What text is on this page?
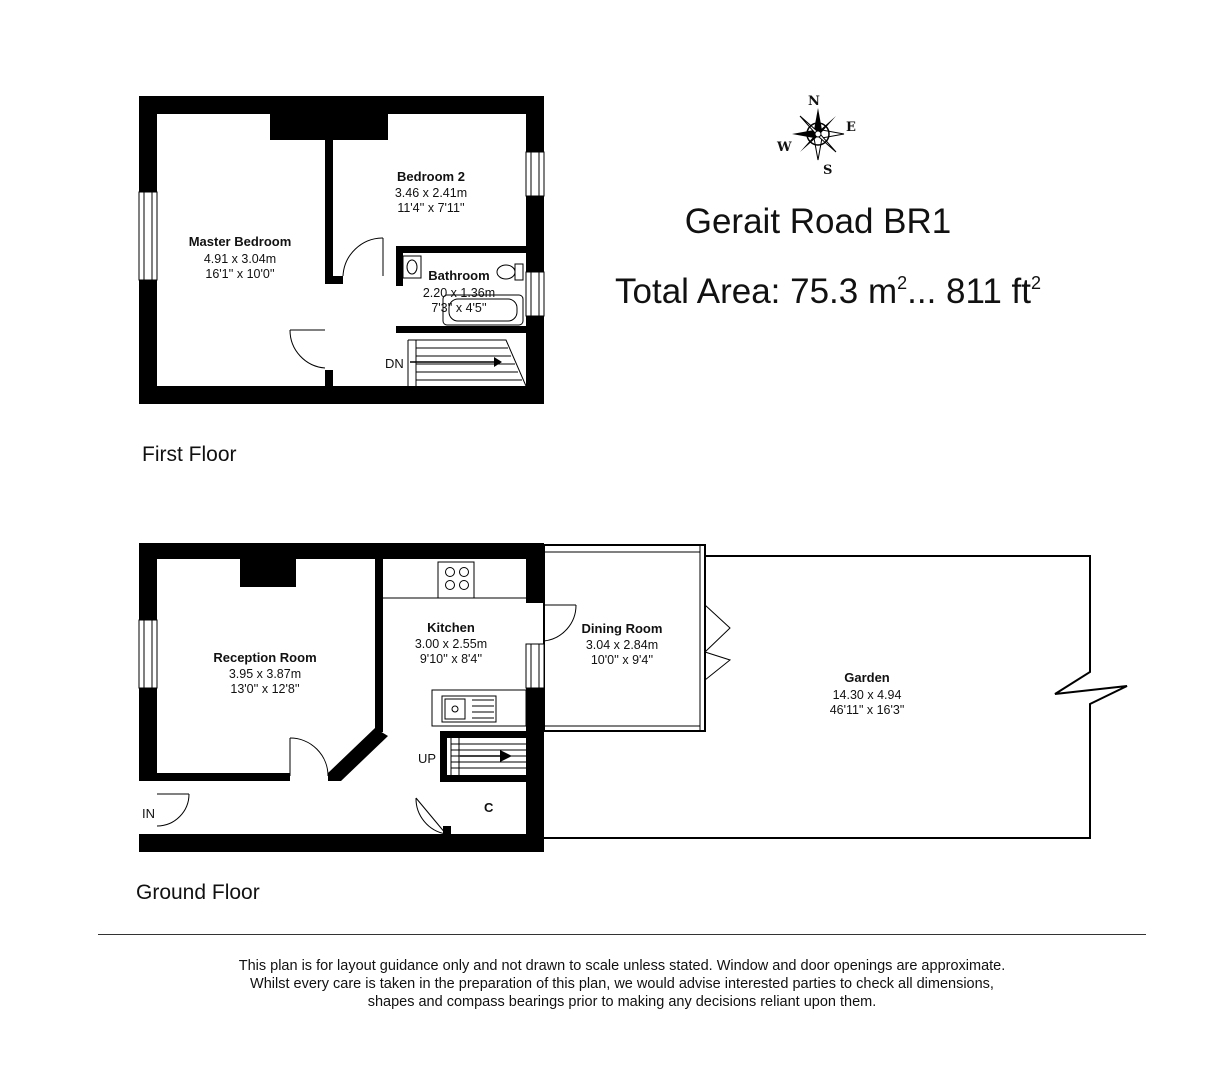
Master Bedroom
4.91 x 3.04m
16'1'' x 10'0''
Bedroom 2
3.46 x 2.41m
11'4'' x 7'11''
Bathroom
2.20 x 1.36m
7'3'' x 4'5''
DN
First Floor
Reception Room
3.95 x 3.87m
13'0'' x 12'8''
Kitchen
3.00 x 2.55m
9'10'' x 8'4''
Dining Room
3.04 x 2.84m
10'0'' x 9'4''
Garden
14.30 x 4.94
46'11" x 16'3"
UP
IN	C
Ground Floor
N
E
S
W
Gerait Road BR1
Total Area: 75.3 $m^2$... 811 $ft^2$
This plan is for layout guidance only and not drawn to scale unless stated. Window and door openings are approximate.
Whilst every care is taken in the preparation of this plan, we would advise interested parties to check all dimensions,
shapes and compass bearings prior to making any decisions reliant upon them.
